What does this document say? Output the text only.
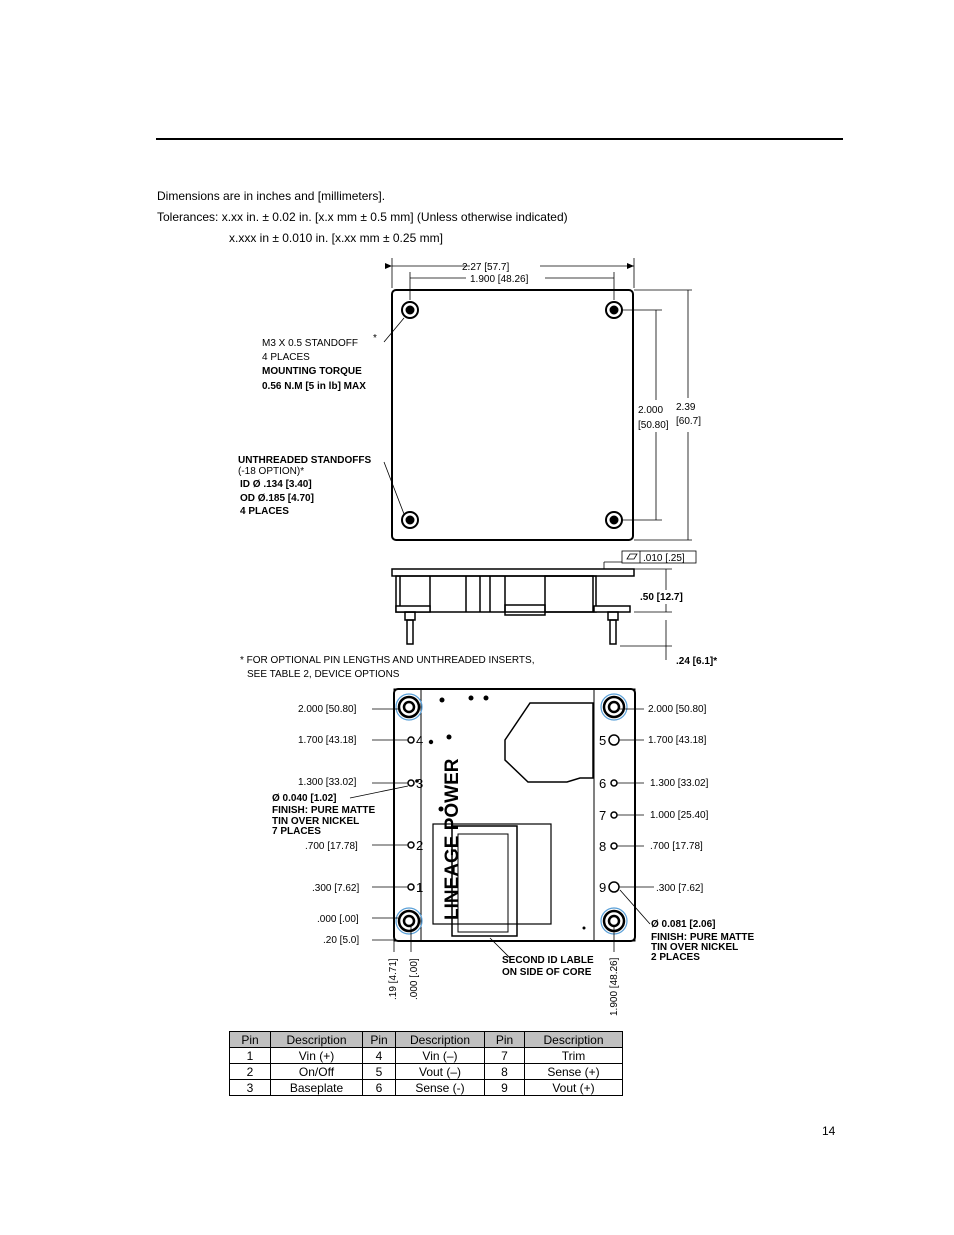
Dimensions are in inches and [millimeters].
Tolerances: x.xx in. ± 0.02 in. [x.x mm ± 0.5 mm] (Unless otherwise indicated)
x.xxx in ± 0.010 in. [x.xx mm ± 0.25 mm]
2.27 [57.7]
1.900 [48.26]
2.000
[50.80]
2.39
[60.7]
M3 X 0.5 STANDOFF *
4 PLACES
MOUNTING TORQUE
0.56 N.M [5 in lb] MAX
UNTHREADED STANDOFFS
(-18 OPTION)*
ID Ø .134 [3.40]
OD Ø.185 [4.70]
4 PLACES
.010 [.25]
.50 [12.7]
.24 [6.1]*
* FOR OPTIONAL PIN LENGTHS AND UNTHREADED INSERTS,
SEE TABLE 2, DEVICE OPTIONS
LINEAGE POWER
2.000 [50.80]
1.700 [43.18]
1.300 [33.02]
.700 [17.78]
.300 [7.62]
.000 [.00]
.20 [5.0]
2.000 [50.80]
1.700 [43.18]
1.300 [33.02]
1.000 [25.40]
.700 [17.78]
.300 [7.62]
4
3
2
1
5
6
7
8
9
Ø 0.040 [1.02]
FINISH: PURE MATTE
TIN OVER NICKEL
7 PLACES
Ø 0.081 [2.06]
FINISH: PURE MATTE
TIN OVER NICKEL
2 PLACES
SECOND ID LABLE
ON SIDE OF CORE
.19 [4.71] .000 [.00]	1.900 [48.26]
Pin	Description	Pin	Description	Pin	Description
1	Vin (+)	4	Vin (–)	7	Trim
2	On/Off	5	Vout (–)	8	Sense (+)
3	Baseplate	6	Sense (-)	9	Vout (+)
14
